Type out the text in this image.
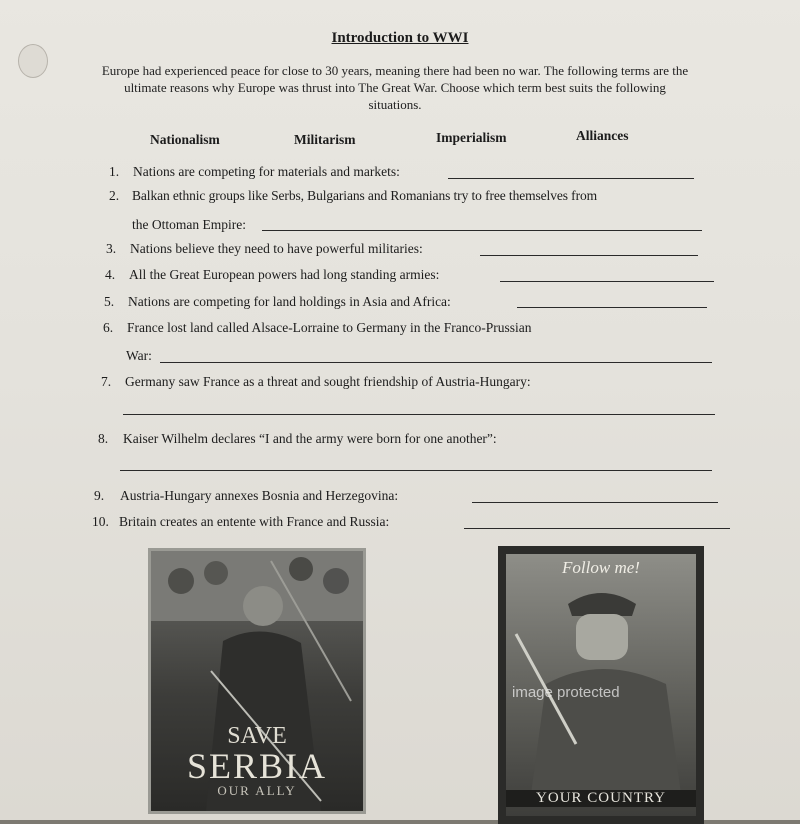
Introduction to WWI
Europe had experienced peace for close to 30 years, meaning there had been no war. The following terms are the ultimate reasons why Europe was thrust into The Great War. Choose which term best suits the following situations.
Nationalism	Militarism	Imperialism	Alliances
1. Nations are competing for materials and markets:
2. Balkan ethnic groups like Serbs, Bulgarians and Romanians try to free themselves from
the Ottoman Empire:
3. Nations believe they need to have powerful militaries:
4. All the Great European powers had long standing armies:
5. Nations are competing for land holdings in Asia and Africa:
6. France lost land called Alsace-Lorraine to Germany in the Franco-Prussian
War:
7. Germany saw France as a threat and sought friendship of Austria-Hungary:
8. Kaiser Wilhelm declares “I and the army were born for one another”:
9. Austria-Hungary annexes Bosnia and Herzegovina:
10. Britain creates an entente with France and Russia:
SAVE
SERBIA
OUR ALLY
Follow me!
image protected
YOUR COUNTRY
